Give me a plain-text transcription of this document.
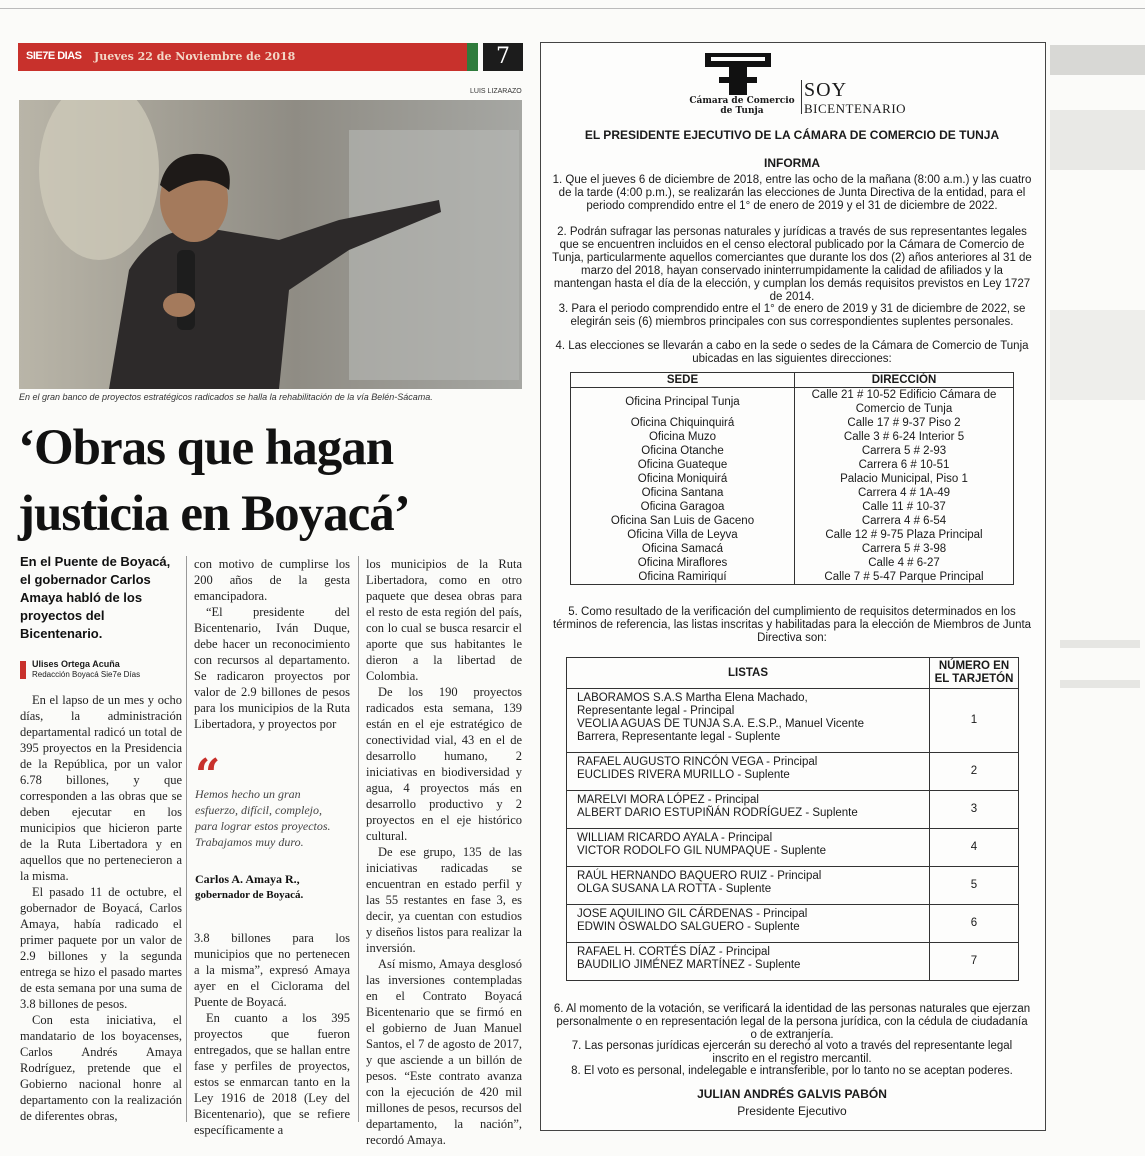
SIE7E DIAS Jueves 22 de Noviembre de 2018	7
LUIS LIZARAZO
En el gran banco de proyectos estratégicos radicados se halla la rehabilitación de la vía Belén-Sácama.
‘Obras que hagan
justicia en Boyacá’
En el Puente de Boyacá, el gobernador Carlos Amaya habló de los proyectos del Bicentenario.
Ulises Ortega Acuña
Redacción Boyacá Sie7e Días

En el lapso de un mes y ocho días, la administración departamental radicó un total de 395 proyectos en la Presidencia de la República, por un valor 6.78 billones, y que corresponden a las obras que se deben ejecutar en los municipios que hicieron parte de la Ruta Libertadora y en aquellos que no pertenecieron a la misma.

El pasado 11 de octubre, el gobernador de Boyacá, Carlos Amaya, había radicado el primer paquete por un valor de 2.9 billones y la segunda entrega se hizo el pasado martes de esta semana por una suma de 3.8 billones de pesos.

Con esta iniciativa, el mandatario de los boyacenses, Carlos Andrés Amaya Rodríguez, pretende que el Gobierno nacional honre al departamento con la realización de diferentes obras,

con motivo de cumplirse los 200 años de la gesta emancipadora.

“El presidente del Bicentenario, Iván Duque, debe hacer un reconocimiento con recursos al departamento. Se radicaron proyectos por valor de 2.9 billones de pesos para los municipios de la Ruta Libertadora, y proyectos por

“
Hemos hecho un gran esfuerzo, difícil, complejo, para lograr estos proyectos. Trabajamos muy duro.
Carlos A. Amaya R.,
gobernador de Boyacá.

3.8 billones para los municipios que no pertenecen a la misma”, expresó Amaya ayer en el Ciclorama del Puente de Boyacá.

En cuanto a los 395 proyectos que fueron entregados, que se hallan entre fase y perfiles de proyectos, estos se enmarcan tanto en la Ley 1916 de 2018 (Ley del Bicentenario), que se refiere específicamente a

los municipios de la Ruta Libertadora, como en otro paquete que desea obras para el resto de esta región del país, con lo cual se busca resarcir el aporte que sus habitantes le dieron a la libertad de Colombia.

De los 190 proyectos radicados esta semana, 139 están en el eje estratégico de conectividad vial, 43 en el de desarrollo humano, 2 iniciativas en biodiversidad y agua, 4 proyectos más en desarrollo productivo y 2 proyectos en el eje histórico cultural.

De ese grupo, 135 de las iniciativas radicadas se encuentran en estado perfil y las 55 restantes en fase 3, es decir, ya cuentan con estudios y diseños listos para realizar la inversión.

Así mismo, Amaya desglosó las inversiones contempladas en el Contrato Boyacá Bicentenario que se firmó en el gobierno de Juan Manuel Santos, el 7 de agosto de 2017, y que asciende a un billón de pesos. “Este contrato avanza con la ejecución de 420 mil millones de pesos, recursos del departamento, la nación”, recordó Amaya.

Cámara de Comercio
de Tunja
SOY
BICENTENARIO
EL PRESIDENTE EJECUTIVO DE LA CÁMARA DE COMERCIO DE TUNJA
INFORMA
1. Que el jueves 6 de diciembre de 2018, entre las ocho de la mañana (8:00 a.m.) y las cuatro de la tarde (4:00 p.m.), se realizarán las elecciones de Junta Directiva de la entidad, para el periodo comprendido entre el 1° de enero de 2019 y el 31 de diciembre de 2022.
2. Podrán sufragar las personas naturales y jurídicas a través de sus representantes legales que se encuentren incluidos en el censo electoral publicado por la Cámara de Comercio de Tunja, particularmente aquellos comerciantes que durante los dos (2) años anteriores al 31 de marzo del 2018, hayan conservado ininterrumpidamente la calidad de afiliados y la mantengan hasta el día de la elección, y cumplan los demás requisitos previstos en Ley 1727 de 2014.
3. Para el periodo comprendido entre el 1° de enero de 2019 y 31 de diciembre de 2022, se elegirán seis (6) miembros principales con sus correspondientes suplentes personales.
4. Las elecciones se llevarán a cabo en la sede o sedes de la Cámara de Comercio de Tunja ubicadas en las siguientes direcciones:
SEDE	DIRECCIÓN
Oficina Principal Tunja	Calle 21 # 10-52 Edificio Cámara de Comercio de Tunja
Oficina Chiquinquirá	Calle 17 # 9-37 Piso 2
Oficina Muzo	Calle 3 # 6-24 Interior 5
Oficina Otanche	Carrera 5 # 2-93
Oficina Guateque	Carrera 6 # 10-51
Oficina Moniquirá	Palacio Municipal, Piso 1
Oficina Santana	Carrera 4 # 1A-49
Oficina Garagoa	Calle 11 # 10-37
Oficina San Luis de Gaceno	Carrera 4 # 6-54
Oficina Villa de Leyva	Calle 12 # 9-75 Plaza Principal
Oficina Samacá	Carrera 5 # 3-98
Oficina Miraflores	Calle 4 # 6-27
Oficina Ramiriquí	Calle 7 # 5-47 Parque Principal
5. Como resultado de la verificación del cumplimiento de requisitos determinados en los términos de referencia, las listas inscritas y habilitadas para la elección de Miembros de Junta Directiva son:
LISTAS	NÚMERO EN EL TARJETÓN

LABORAMOS S.A.S Martha Elena Machado,
Representante legal - Principal
VEOLIA AGUAS DE TUNJA S.A. E.S.P., Manuel Vicente
Barrera, Representante legal - Suplente	1

RAFAEL AUGUSTO RINCÓN VEGA - Principal
EUCLIDES RIVERA MURILLO - Suplente	2

MARELVI MORA LÓPEZ - Principal
ALBERT DARIO ESTUPIÑÁN RODRÍGUEZ - Suplente	3

WILLIAM RICARDO AYALA - Principal
VICTOR RODOLFO GIL NUMPAQUE - Suplente	4

RAÚL HERNANDO BAQUERO RUIZ - Principal
OLGA SUSANA LA ROTTA - Suplente	5

JOSE AQUILINO GIL CÁRDENAS - Principal
EDWIN OSWALDO SALGUERO - Suplente	6

RAFAEL H. CORTÉS DÍAZ - Principal
BAUDILIO JIMÉNEZ MARTÍNEZ - Suplente	7
6. Al momento de la votación, se verificará la identidad de las personas naturales que ejerzan personalmente o en representación legal de la persona jurídica, con la cédula de ciudadanía o de extranjería.
7. Las personas jurídicas ejercerán su derecho al voto a través del representante legal inscrito en el registro mercantil.
8. El voto es personal, indelegable e intransferible, por lo tanto no se aceptan poderes.
JULIAN ANDRÉS GALVIS PABÓN
Presidente Ejecutivo
